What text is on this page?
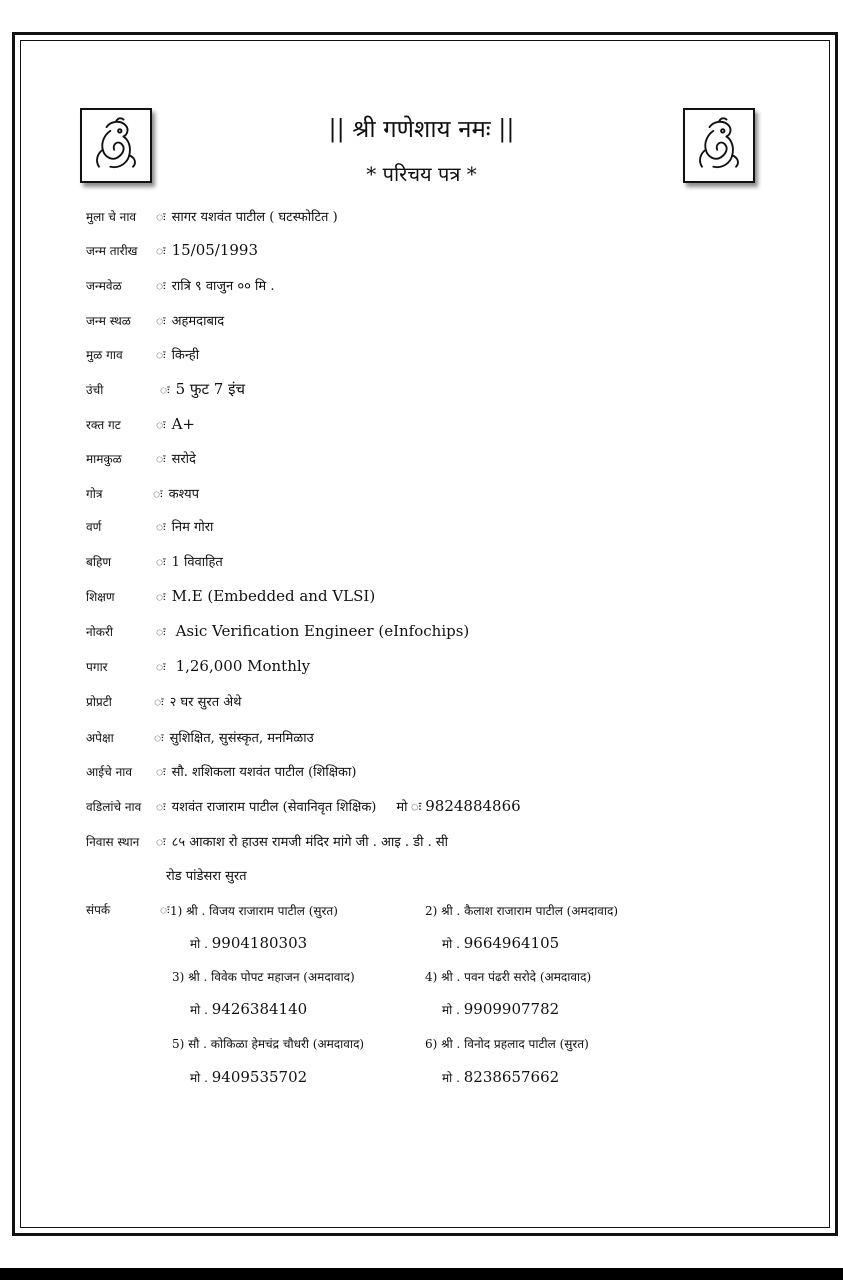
|| श्री गणेशाय नमः ||
* परिचय पत्र *
मुला चे नाव	ः सागर यशवंत पाटील ( घटस्फोटित )
जन्म तारीख	ः 15/05/1993
जन्मवेळ	ः रात्रि ९ वाजुन ०० मि .
जन्म स्थळ	ः अहमदाबाद
मुळ गाव	ः किन्ही
उंची	ः 5 फुट 7 इंच
रक्त गट	ः A+
मामकुळ	ः सरोदे
गोत्र	ः कश्यप
वर्ण	ः निम गोरा
बहिण	ः 1 विवाहित
शिक्षण	ः M.E (Embedded and VLSI)
नोकरी	ः Asic Verification Engineer (eInfochips)
पगार	ः 1,26,000 Monthly
प्रोप्रटी	ः २ घर सुरत अेथे
अपेक्षा	ः सुशिक्षित, सुसंस्कृत, मनमिळाउ
आईचे नाव	ः सौ. शशिकला यशवंत पाटील (शिक्षिका)
वडिलांचे नाव	ः यशवंत राजाराम पाटील (सेवानिवृत शिक्षिक) मो ः 9824884866
निवास स्थान	ः ८५ आकाश रो हाउस रामजी मंदिर मांगे जी . आइ . डी . सी
रोड पांडेसरा सुरत
संपर्क	ः 1) श्री . विजय राजाराम पाटील (सुरत)
मो . 9904180303
2) श्री . कैलाश राजाराम पाटील (अमदावाद)
मो . 9664964105
3) श्री . विवेक पोपट महाजन (अमदावाद)
मो . 9426384140
4) श्री . पवन पंढरी सरोदे (अमदावाद)
मो . 9909907782
5) सौ . कोकिळा हेमचंद्र चौधरी (अमदावाद)
मो . 9409535702
6) श्री . विनोद प्रहलाद पाटील (सुरत)
मो . 8238657662
